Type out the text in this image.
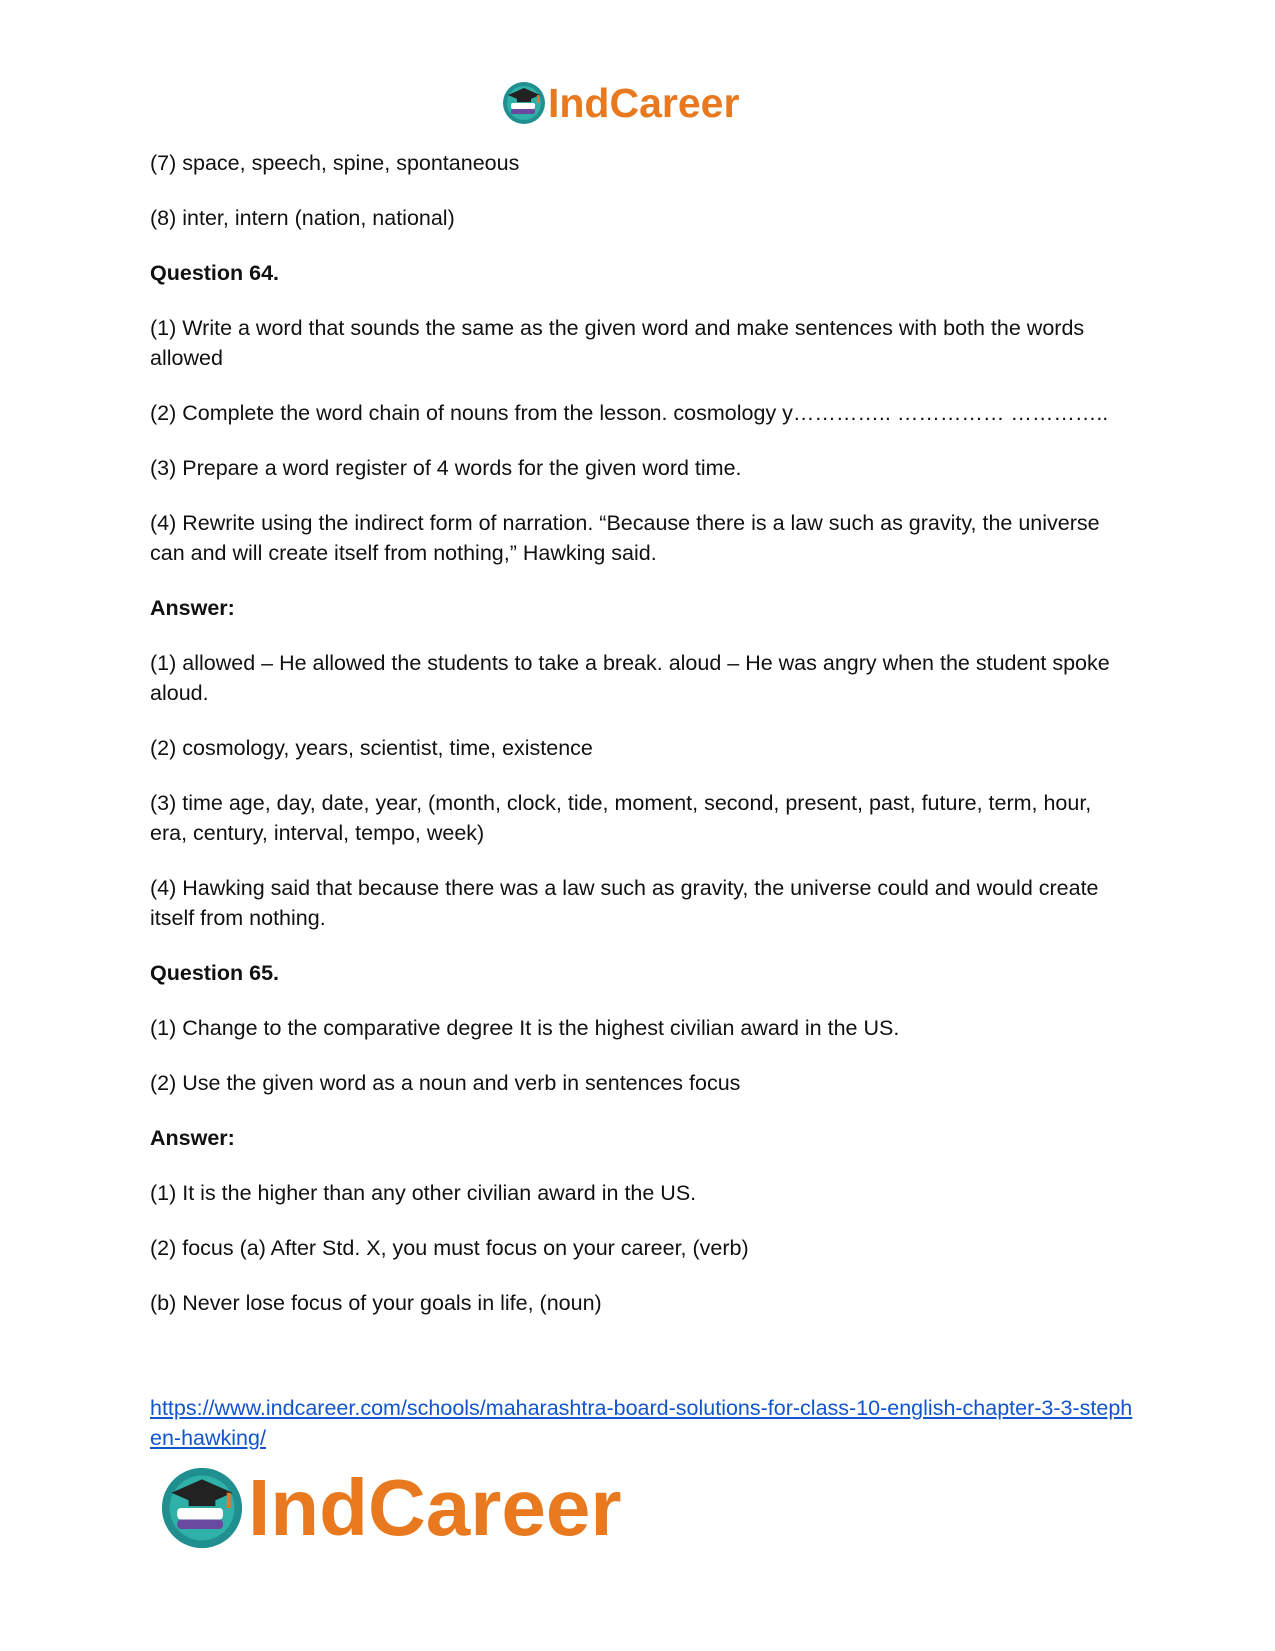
IndCareer

(7) space, speech, spine, spontaneous

(8) inter, intern (nation, national)

Question 64.

(1) Write a word that sounds the same as the given word and make sentences with both the words allowed

(2) Complete the word chain of nouns from the lesson. cosmology y………….. …………… …………..

(3) Prepare a word register of 4 words for the given word time.

(4) Rewrite using the indirect form of narration. “Because there is a law such as gravity, the universe can and will create itself from nothing,” Hawking said.

Answer:

(1) allowed – He allowed the students to take a break. aloud – He was angry when the student spoke aloud.

(2) cosmology, years, scientist, time, existence

(3) time age, day, date, year, (month, clock, tide, moment, second, present, past, future, term, hour, era, century, interval, tempo, week)

(4) Hawking said that because there was a law such as gravity, the universe could and would create itself from nothing.

Question 65.

(1) Change to the comparative degree It is the highest civilian award in the US.

(2) Use the given word as a noun and verb in sentences focus

Answer:

(1) It is the higher than any other civilian award in the US.

(2) focus (a) After Std. X, you must focus on your career, (verb)

(b) Never lose focus of your goals in life, (noun)

https://www.indcareer.com/schools/maharashtra-board-solutions-for-class-10-english-chapter-3-3-stephen-hawking/
IndCareer
